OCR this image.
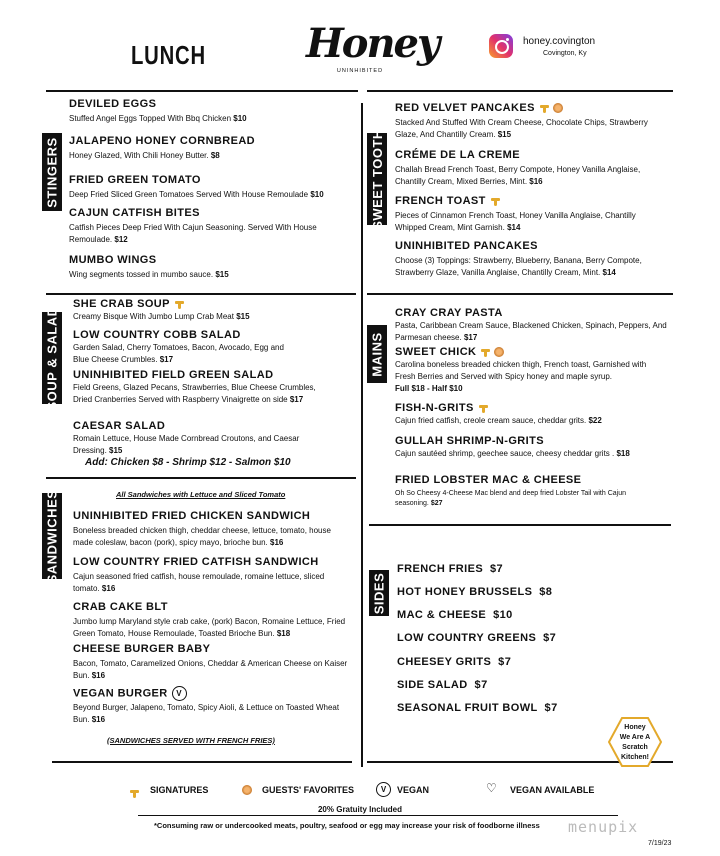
LUNCH	Honey
UNINHIBITED
honey.covington
Covington, Ky
STINGERS
SOUP & SALAD
SANDWICHES
SWEET TOOTH
MAINS
SIDES
DEVILED EGGS
Stuffed Angel Eggs Topped With Bbq Chicken $10
JALAPENO HONEY CORNBREAD
Honey Glazed, With Chili Honey Butter. $8
FRIED GREEN TOMATO
Deep Fried Sliced Green Tomatoes Served With House Remoulade $10
CAJUN CATFISH BITES
Catfish Pieces Deep Fried With Cajun Seasoning. Served With House Remoulade. $12
MUMBO WINGS
Wing segments tossed in mumbo sauce. $15
SHE CRAB SOUP
Creamy Bisque With Jumbo Lump Crab Meat $15
LOW COUNTRY COBB SALAD
Garden Salad, Cherry Tomatoes, Bacon, Avocado, Egg and Blue Cheese Crumbles. $17
UNINHIBITED FIELD GREEN SALAD
Field Greens, Glazed Pecans, Strawberries, Blue Cheese Crumbles, Dried Cranberries Served with Raspberry Vinaigrette on side $17
CAESAR SALAD
Romain Lettuce, House Made Cornbread Croutons, and Caesar Dressing. $15
Add: Chicken $8 - Shrimp $12 - Salmon $10
All Sandwiches with Lettuce and Sliced Tomato
UNINHIBITED FRIED CHICKEN SANDWICH
Boneless breaded chicken thigh, cheddar cheese, lettuce, tomato, house made coleslaw, bacon (pork), spicy mayo, brioche bun. $16
LOW COUNTRY FRIED CATFISH SANDWICH
Cajun seasoned fried catfish, house remoulade, romaine lettuce, sliced tomato. $16
CRAB CAKE BLT
Jumbo lump Maryland style crab cake, (pork) Bacon, Romaine Lettuce, Fried Green Tomato, House Remoulade, Toasted Brioche Bun. $18
CHEESE BURGER BABY
Bacon, Tomato, Caramelized Onions, Cheddar & American Cheese on Kaiser Bun. $16
VEGAN BURGER V
Beyond Burger, Jalapeno, Tomato, Spicy Aioli, & Lettuce on Toasted Wheat Bun. $16
(SANDWICHES SERVED WITH FRENCH FRIES)
RED VELVET PANCAKES
Stacked And Stuffed With Cream Cheese, Chocolate Chips, Strawberry Glaze, And Chantilly Cream. $15
CRÉME DE LA CREME
Challah Bread French Toast, Berry Compote, Honey Vanilla Anglaise, Chantilly Cream, Mixed Berries, Mint. $16
FRENCH TOAST
Pieces of Cinnamon French Toast, Honey Vanilla Anglaise, Chantilly Whipped Cream, Mint Garnish. $14
UNINHIBITED PANCAKES
Choose (3) Toppings: Strawberry, Blueberry, Banana, Berry Compote, Strawberry Glaze, Vanilla Anglaise, Chantilly Cream, Mint. $14
CRAY CRAY PASTA
Pasta, Caribbean Cream Sauce, Blackened Chicken, Spinach, Peppers, And Parmesan cheese. $17
SWEET CHICK
Carolina boneless breaded chicken thigh, French toast, Garnished with Fresh Berries and Served with Spicy honey and maple syrup.
Full $18 - Half $10
FISH-N-GRITS
Cajun fried catfish, creole cream sauce, cheddar grits. $22
GULLAH SHRIMP-N-GRITS
Cajun sautéed shrimp, geechee sauce, cheesy cheddar grits . $18
FRIED LOBSTER MAC & CHEESE
Oh So Cheesy 4-Cheese Mac blend and deep fried Lobster Tail with Cajun seasoning. $27
FRENCH FRIES $7
HOT HONEY BRUSSELS $8
MAC & CHEESE $10
LOW COUNTRY GREENS $7
CHEESEY GRITS $7
SIDE SALAD $7
SEASONAL FRUIT BOWL $7
Honey
We Are A
Scratch
Kitchen!
SIGNATURES	GUESTS' FAVORITES	V	VEGAN	♡ VEGAN AVAILABLE
20% Gratuity Included
*Consuming raw or undercooked meats, poultry, seafood or egg may increase your risk of foodborne illness menupix
7/19/23
